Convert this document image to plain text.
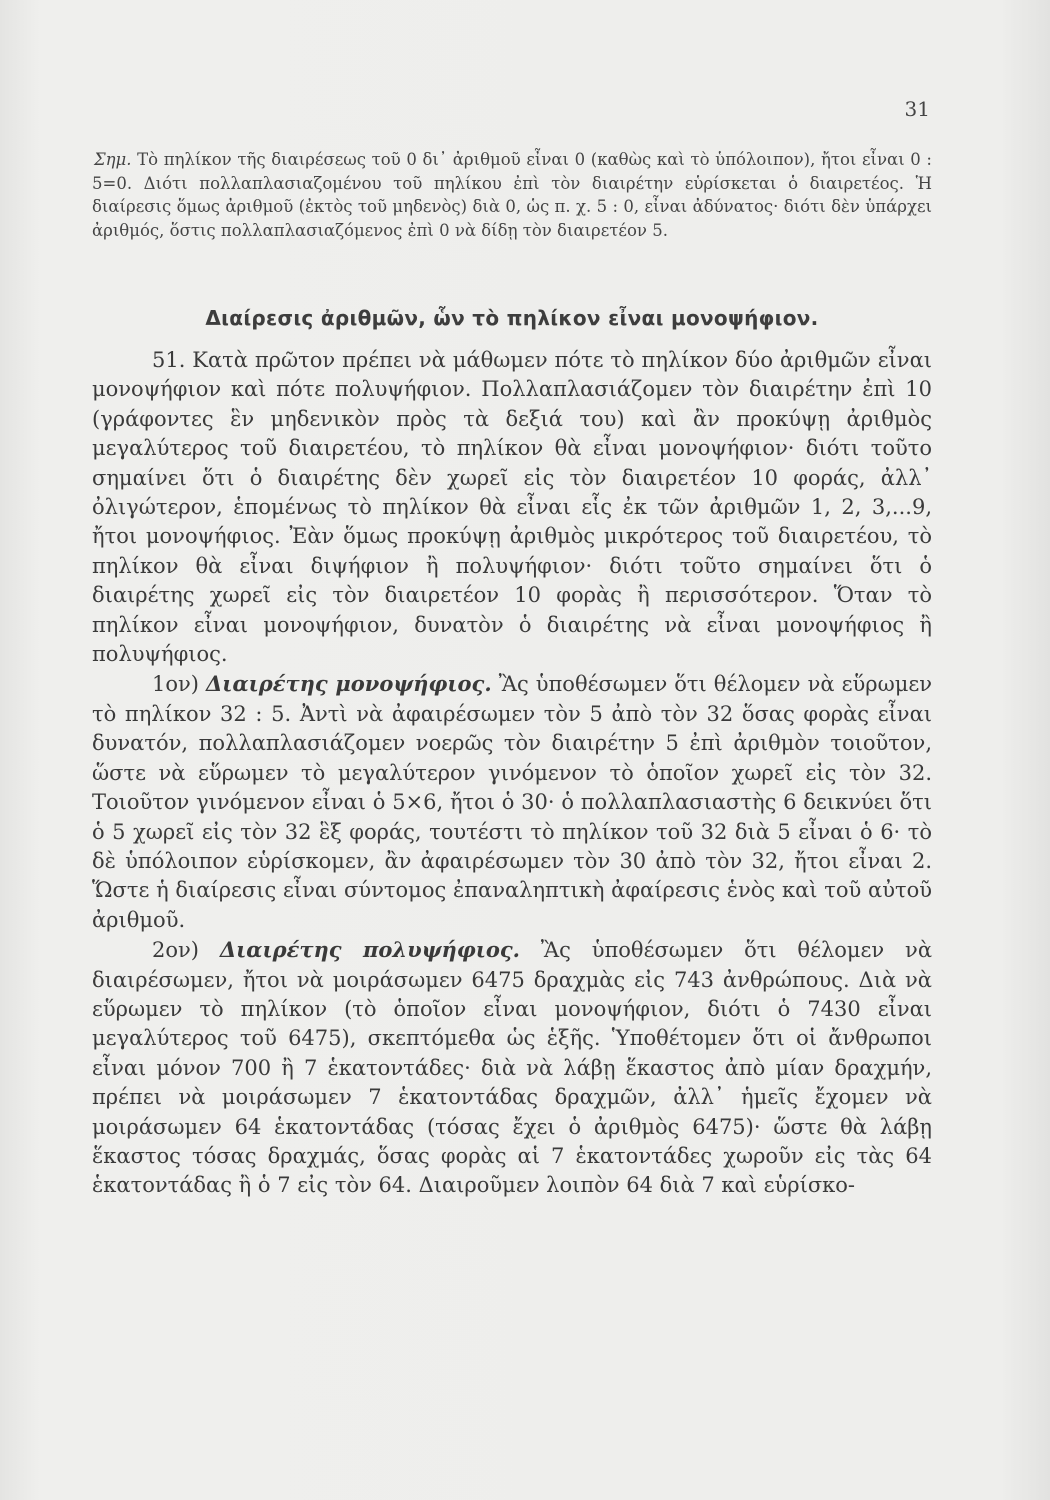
31
Σημ. Τὸ πηλίκον τῆς διαιρέσεως τοῦ 0 δι᾽ ἀριθμοῦ εἶναι 0 (καθὼς καὶ τὸ ὑπόλοιπον), ἤτοι εἶναι 0 : 5=0. Διότι πολλαπλασιαζομένου τοῦ πηλίκου ἐπὶ τὸν διαιρέτην εὑρίσκεται ὁ διαιρετέος. Ἡ διαίρεσις ὅμως ἀριθμοῦ (ἐκτὸς τοῦ μηδενὸς) διὰ 0, ὡς π. χ. 5 : 0, εἶναι ἀδύνατος· διότι δὲν ὑπάρχει ἀριθμός, ὅστις πολλαπλασιαζόμενος ἐπὶ 0 νὰ δίδῃ τὸν διαιρετέον 5.
Διαίρεσις ἀριθμῶν, ὧν τὸ πηλίκον εἶναι μονοψήφιον.

51. Κατὰ πρῶτον πρέπει νὰ μάθωμεν πότε τὸ πηλίκον δύο ἀριθμῶν εἶναι μονοψήφιον καὶ πότε πολυψήφιον. Πολλαπλασιάζομεν τὸν διαιρέτην ἐπὶ 10 (γράφοντες ἓν μηδενικὸν πρὸς τὰ δεξιά του) καὶ ἂν προκύψῃ ἀριθμὸς μεγαλύτερος τοῦ διαιρετέου, τὸ πηλίκον θὰ εἶναι μονοψήφιον· διότι τοῦτο σημαίνει ὅτι ὁ διαιρέτης δὲν χωρεῖ εἰς τὸν διαιρετέον 10 φοράς, ἀλλ᾽ ὀλιγώτερον, ἑπομένως τὸ πηλίκον θὰ εἶναι εἷς ἐκ τῶν ἀριθμῶν 1, 2, 3,...9, ἤτοι μονοψήφιος. Ἐὰν ὅμως προκύψῃ ἀριθμὸς μικρότερος τοῦ διαιρετέου, τὸ πηλίκον θὰ εἶναι διψήφιον ἢ πολυψήφιον· διότι τοῦτο σημαίνει ὅτι ὁ διαιρέτης χωρεῖ εἰς τὸν διαιρετέον 10 φορὰς ἢ περισσότερον. Ὅταν τὸ πηλίκον εἶναι μονοψήφιον, δυνατὸν ὁ διαιρέτης νὰ εἶναι μονοψήφιος ἢ πολυψήφιος.

1ον) Διαιρέτης μονοψήφιος. Ἂς ὑποθέσωμεν ὅτι θέλομεν νὰ εὕρωμεν τὸ πηλίκον 32 : 5. Ἀντὶ νὰ ἀφαιρέσωμεν τὸν 5 ἀπὸ τὸν 32 ὅσας φορὰς εἶναι δυνατόν, πολλαπλασιάζομεν νοερῶς τὸν διαιρέτην 5 ἐπὶ ἀριθμὸν τοιοῦτον, ὥστε νὰ εὕρωμεν τὸ μεγαλύτερον γινόμενον τὸ ὁποῖον χωρεῖ εἰς τὸν 32. Τοιοῦτον γινόμενον εἶναι ὁ 5×6, ἤτοι ὁ 30· ὁ πολλαπλασιαστὴς 6 δεικνύει ὅτι ὁ 5 χωρεῖ εἰς τὸν 32 ἓξ φοράς, τουτέστι τὸ πηλίκον τοῦ 32 διὰ 5 εἶναι ὁ 6· τὸ δὲ ὑπόλοιπον εὑρίσκομεν, ἂν ἀφαιρέσωμεν τὸν 30 ἀπὸ τὸν 32, ἤτοι εἶναι 2. Ὥστε ἡ διαίρεσις εἶναι σύντομος ἐπαναληπτικὴ ἀφαίρεσις ἑνὸς καὶ τοῦ αὐτοῦ ἀριθμοῦ.

2ον) Διαιρέτης πολυψήφιος. Ἂς ὑποθέσωμεν ὅτι θέλομεν νὰ διαιρέσωμεν, ἤτοι νὰ μοιράσωμεν 6475 δραχμὰς εἰς 743 ἀνθρώπους. Διὰ νὰ εὕρωμεν τὸ πηλίκον (τὸ ὁποῖον εἶναι μονοψήφιον, διότι ὁ 7430 εἶναι μεγαλύτερος τοῦ 6475), σκεπτόμεθα ὡς ἑξῆς. Ὑποθέτομεν ὅτι οἱ ἄνθρωποι εἶναι μόνον 700 ἢ 7 ἑκατοντάδες· διὰ νὰ λάβῃ ἕκαστος ἀπὸ μίαν δραχμήν, πρέπει νὰ μοιράσωμεν 7 ἑκατοντάδας δραχμῶν, ἀλλ᾽ ἡμεῖς ἔχομεν νὰ μοιράσωμεν 64 ἑκατοντάδας (τόσας ἔχει ὁ ἀριθμὸς 6475)· ὥστε θὰ λάβῃ ἕκαστος τόσας δραχμάς, ὅσας φορὰς αἱ 7 ἑκατοντάδες χωροῦν εἰς τὰς 64 ἑκατοντάδας ἢ ὁ 7 εἰς τὸν 64. Διαιροῦμεν λοιπὸν 64 διὰ 7 καὶ εὑρίσκο-
